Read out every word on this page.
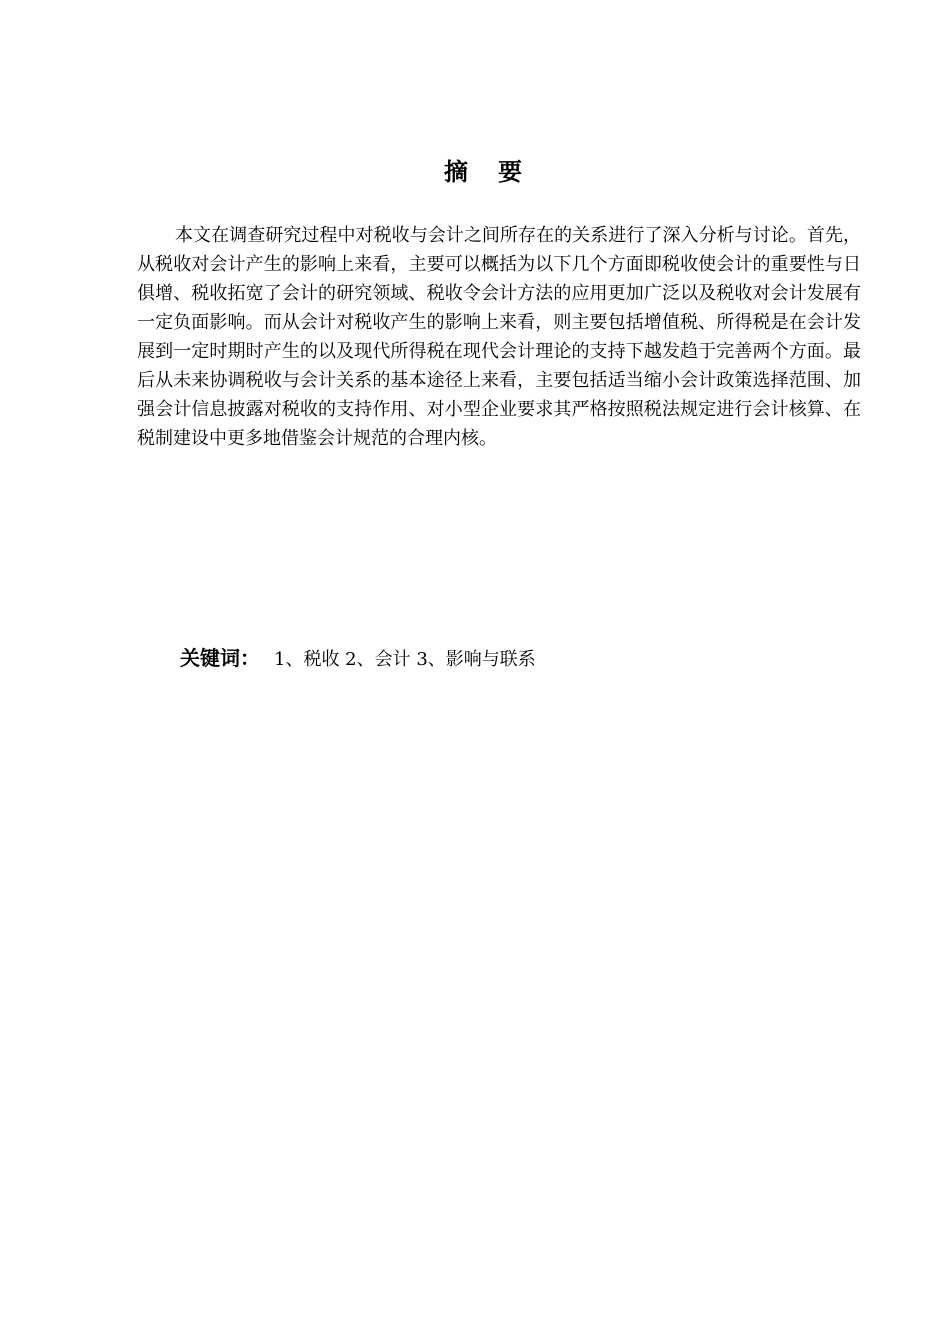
摘要

本文在调查研究过程中对税收与会计之间所存在的关系进行了深入分析与讨论。首先，从税收对会计产生的影响上来看，主要可以概括为以下几个方面即税收使会计的重要性与日俱增、税收拓宽了会计的研究领域、税收令会计方法的应用更加广泛以及税收对会计发展有一定负面影响。而从会计对税收产生的影响上来看，则主要包括增值税、所得税是在会计发展到一定时期时产生的以及现代所得税在现代会计理论的支持下越发趋于完善两个方面。最后从未来协调税收与会计关系的基本途径上来看，主要包括适当缩小会计政策选择范围、加强会计信息披露对税收的支持作用、对小型企业要求其严格按照税法规定进行会计核算、在税制建设中更多地借鉴会计规范的合理内核。

关键词： 1、税收 2、会计 3、影响与联系
